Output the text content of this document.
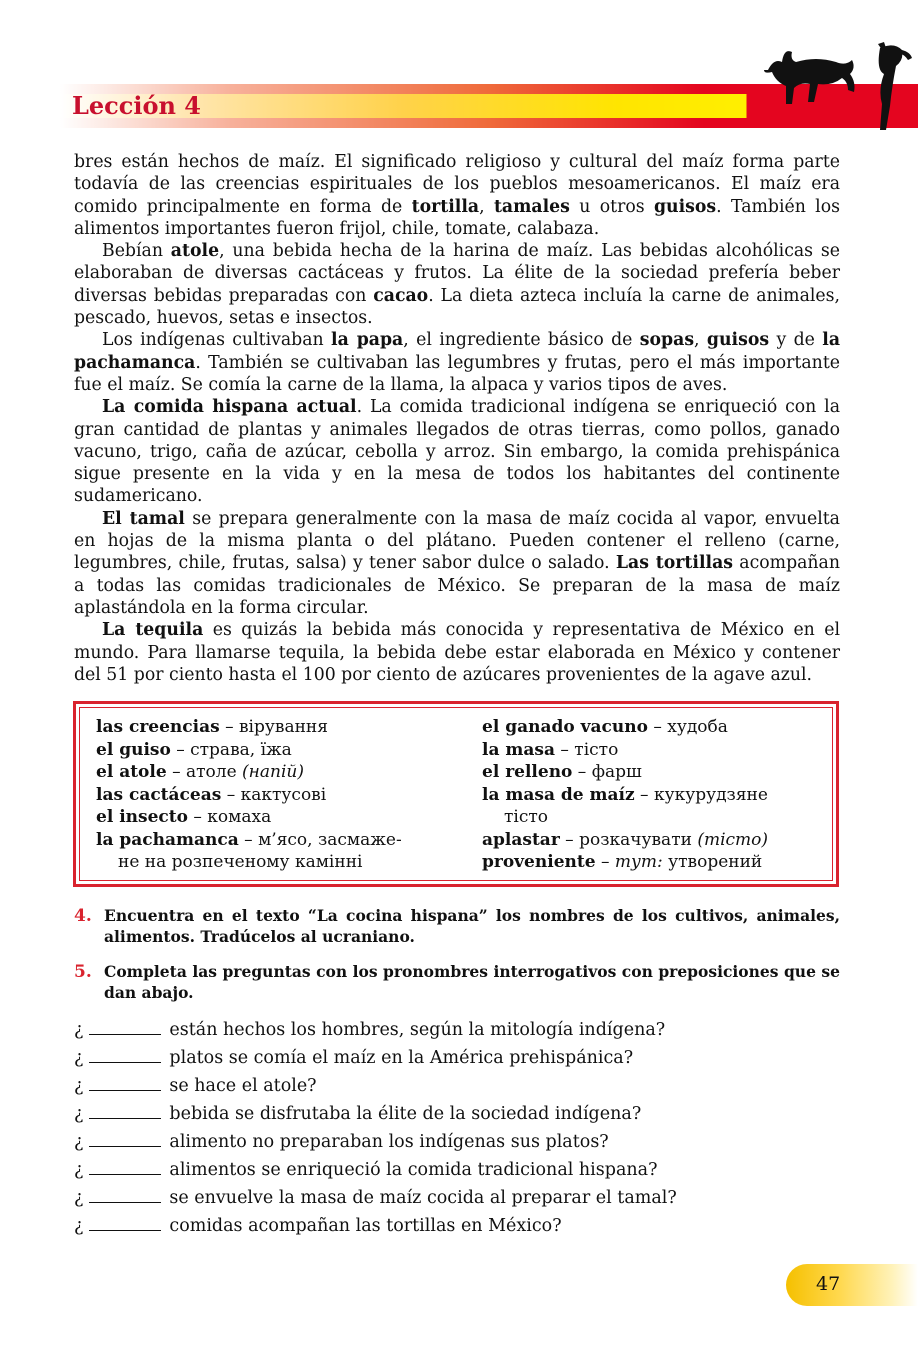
Lección 4

bres están hechos de maíz. El significado religioso y cultural del maíz forma parte todavía de las creencias espirituales de los pueblos mesoamericanos. El maíz era comido principalmente en forma de tortilla, tamales u otros guisos. También los alimentos importantes fueron frijol, chile, tomate, calabaza.

Bebían atole, una bebida hecha de la harina de maíz. Las bebidas alcohólicas se elaboraban de diversas cactáceas y frutos. La élite de la sociedad prefería beber diversas bebidas preparadas con cacao. La dieta azteca incluía la carne de animales, pescado, huevos, setas e insectos.

Los indígenas cultivaban la papa, el ingrediente básico de sopas, guisos y de la pachamanca. También se cultivaban las legumbres y frutas, pero el más importante fue el maíz. Se comía la carne de la llama, la alpaca y varios tipos de aves.

La comida hispana actual. La comida tradicional indígena se enriqueció con la gran cantidad de plantas y animales llegados de otras tierras, como pollos, ganado vacuno, trigo, caña de azúcar, cebolla y arroz. Sin embargo, la comida prehispánica sigue presente en la vida y en la mesa de todos los habitantes del continente sudamericano.

El tamal se prepara generalmente con la masa de maíz cocida al vapor, envuelta en hojas de la misma planta o del plátano. Pueden contener el relleno (carne, legumbres, chile, frutas, salsa) y tener sabor dulce o salado. Las tortillas acompañan a todas las comidas tradicionales de México. Se preparan de la masa de maíz aplastándola en la forma circular.

La tequila es quizás la bebida más conocida y representativa de México en el mundo. Para llamarse tequila, la bebida debe estar elaborada en México y contener del 51 por ciento hasta el 100 por ciento de azúcares provenientes de la agave azul.

las creencias – вірування
el guiso – страва, їжа
el atole – атоле (напій)
las cactáceas – кактусові
el insecto – комаха
la pachamanca – м’ясо, засмаже-
не на розпеченому камінні
el ganado vacuno – худоба
la masa – тісто
el relleno – фарш
la masa de maíz – кукурудзяне
тісто
aplastar – розкачувати (тісто)
proveniente – тут: утворений
4. Encuentra en el texto “La cocina hispana” los nombres de los cultivos, animales, alimentos. Tradúcelos al ucraniano.
5. Completa las preguntas con los pronombres interrogativos con preposiciones que se dan abajo.
¿	están hechos los hombres, según la mitología indígena?
¿	platos se comía el maíz en la América prehispánica?
¿	se hace el atole?
¿	bebida se disfrutaba la élite de la sociedad indígena?
¿	alimento no preparaban los indígenas sus platos?
¿	alimentos se enriqueció la comida tradicional hispana?
¿	se envuelve la masa de maíz cocida al preparar el tamal?
¿	comidas acompañan las tortillas en México?
47
